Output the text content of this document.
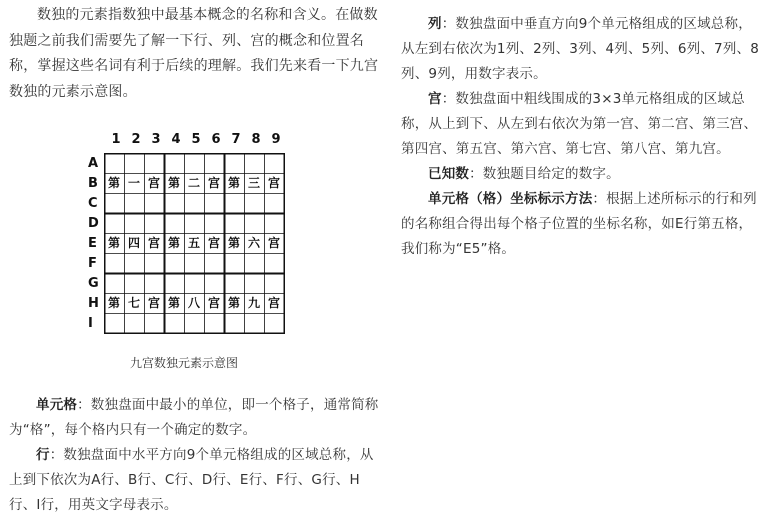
数独的元素指数独中最基本概念的名称和含义。在做数独题之前我们需要先了解一下行、列、宫的概念和位置名称，掌握这些名词有利于后续的理解。我们先来看一下九宫数独的元素示意图。

1 2 3 4 5 6 7 8 9
A
B
C
D
E
F
G
H
I
第 一 宫 第 二 宫 第 三 宫
第 四 宫 第 五 宫 第 六 宫
第 七 宫 第 八 宫 第 九 宫
九宫数独元素示意图

单元格：数独盘面中最小的单位，即一个格子，通常简称为“格”，每个格内只有一个确定的数字。

行：数独盘面中水平方向9个单元格组成的区域总称，从上到下依次为A行、B行、C行、D行、E行、F行、G行、H行、I行，用英文字母表示。

列：数独盘面中垂直方向9个单元格组成的区域总称，从左到右依次为1列、2列、3列、4列、5列、6列、7列、8列、9列，用数字表示。

宫：数独盘面中粗线围成的3×3单元格组成的区域总称，从上到下、从左到右依次为第一宫、第二宫、第三宫、第四宫、第五宫、第六宫、第七宫、第八宫、第九宫。

已知数：数独题目给定的数字。

单元格（格）坐标标示方法：根据上述所标示的行和列的名称组合得出每个格子位置的坐标名称，如E行第五格，我们称为“E5”格。
